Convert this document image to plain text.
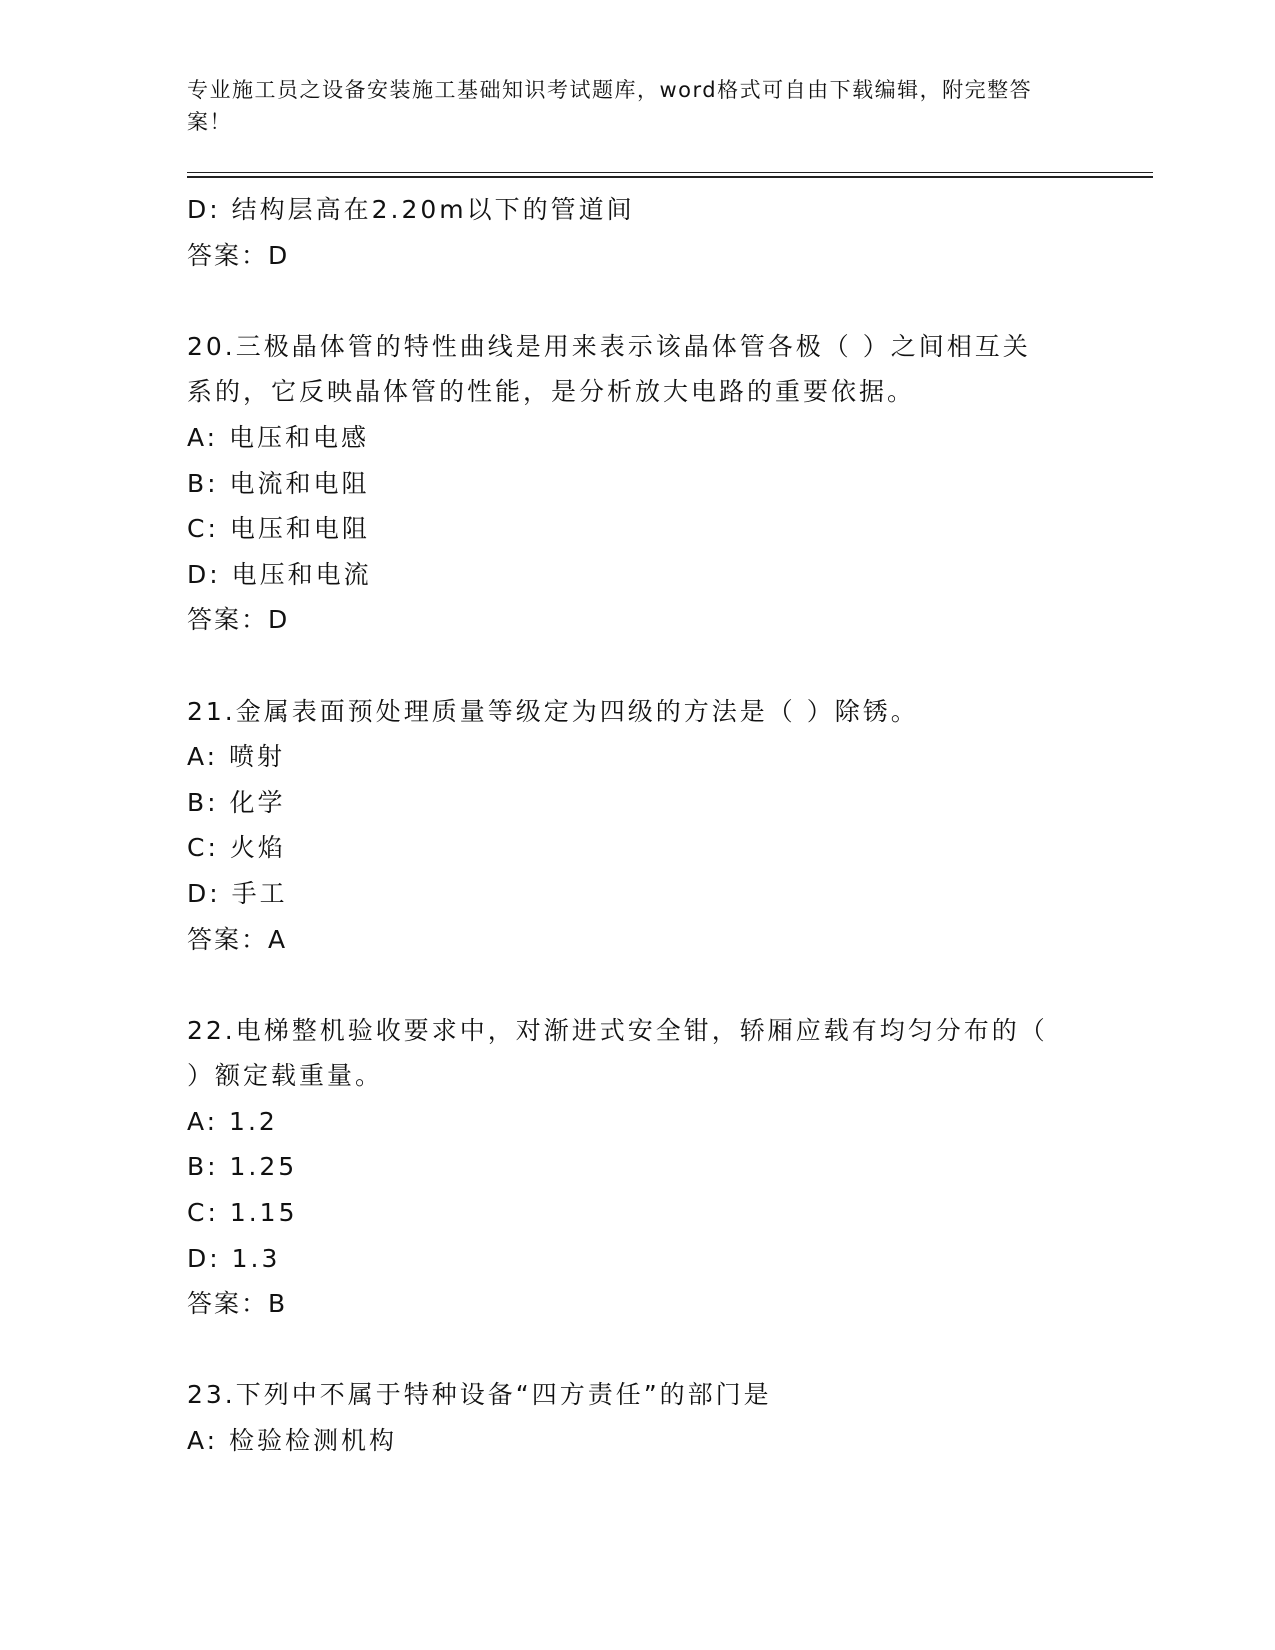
专业施工员之设备安装施工基础知识考试题库，word格式可自由下载编辑，附完整答案！
D: 结构层高在2.20m以下的管道间
答案：D
20.三极晶体管的特性曲线是用来表示该晶体管各极（ ）之间相互关
系的，它反映晶体管的性能，是分析放大电路的重要依据。
A: 电压和电感
B: 电流和电阻
C: 电压和电阻
D: 电压和电流
答案：D
21.金属表面预处理质量等级定为四级的方法是（ ）除锈。
A: 喷射
B: 化学
C: 火焰
D: 手工
答案：A
22.电梯整机验收要求中，对渐进式安全钳，轿厢应载有均匀分布的（
）额定载重量。
A: 1.2
B: 1.25
C: 1.15
D: 1.3
答案：B
23.下列中不属于特种设备“四方责任”的部门是
A: 检验检测机构
